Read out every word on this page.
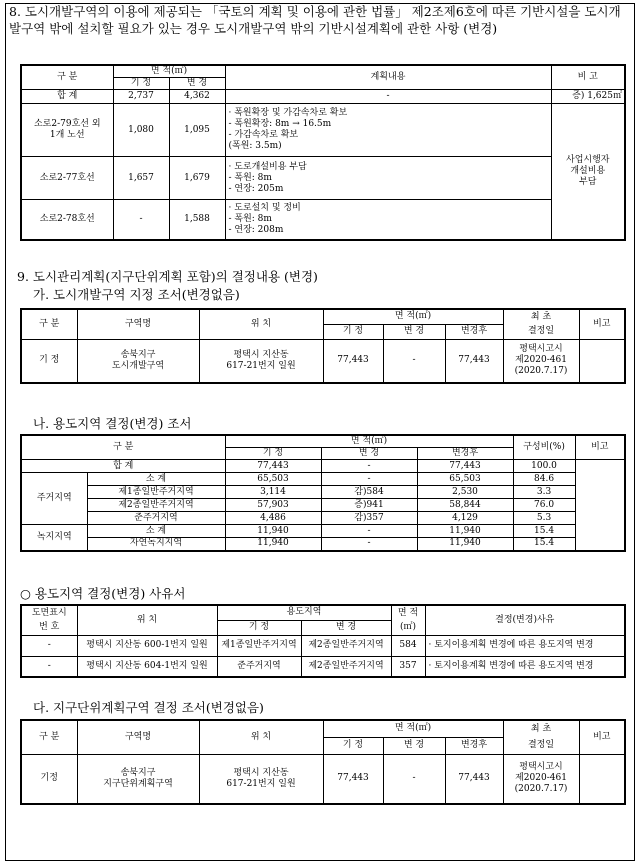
8. 도시개발구역의 이용에 제공되는 「국토의 계획 및 이용에 관한 법률」 제2조제6호에 따른 기반시설을 도시개발구역 밖에 설치할 필요가 있는 경우 도시개발구역 밖의 기반시설계획에 관한 사항 (변경)
구 분	면 적(㎡)		계획내용	비 고
	기 정	변 경		
합 계	2,737	4,362	-	증) 1,625㎡
소로2-79호선 외
1개 노선	1,080	1,095	· 폭원확장 및 가감속차로 확보
- 폭원확장: 8m → 16.5m
- 가감속차로 확보
(폭원: 3.5m)	사업시행자
개설비용
부담
소로2-77호선	1,657	1,679	· 도로개설비용 부담
- 폭원: 8m
- 연장: 205m	
소로2-78호선	-	1,588	· 도로설치 및 정비
- 폭원: 8m
- 연장: 208m	
9. 도시관리계획(지구단위계획 포함)의 결정내용 (변경)
가. 도시개발구역 지정 조서(변경없음)
구 분	구역명	위 치	면 적(㎡)			최 초	비고
			기 정	변 경	변경후	결정일	
기 정	송북지구
도시개발구역	평택시 지산동
617-21번지 일원	77,443	-	77,443	평택시고시
제2020-461
(2020.7.17)	
나. 용도지역 결정(변경) 조서
구 분		면 적(㎡)			구성비(%)	비고
		기 정	변 경	변경후		
합 계		77,443	-	77,443	100.0	
주거지역	소 계	65,503	-	65,503	84.6	
	제1종일반주거지역	3,114	감)584	2,530	3.3	
	제2종일반주거지역	57,903	증)941	58,844	76.0	
	준주거지역	4,486	감)357	4,129	5.3	
녹지지역	소 계	11,940	-	11,940	15.4	
	자연녹지지역	11,940	-	11,940	15.4	
○ 용도지역 결정(변경) 사유서
도면표시	위 치	용도지역		면 적	결정(변경)사유
번 호		기 정	변 경	(㎡)	
-	평택시 지산동 600-1번지 일원	제1종일반주거지역	제2종일반주거지역	584	· 토지이용계획 변경에 따른 용도지역 변경
-	평택시 지산동 604-1번지 일원	준주거지역	제2종일반주거지역	357	· 토지이용계획 변경에 따른 용도지역 변경
다. 지구단위계획구역 결정 조서(변경없음)
구 분	구역명	위 치	면 적(㎡)			최 초	비고
			기 정	변 경	변경후	결정일	
기정	송북지구
지구단위계획구역	평택시 지산동
617-21번지 일원	77,443	-	77,443	평택시고시
제2020-461
(2020.7.17)	
